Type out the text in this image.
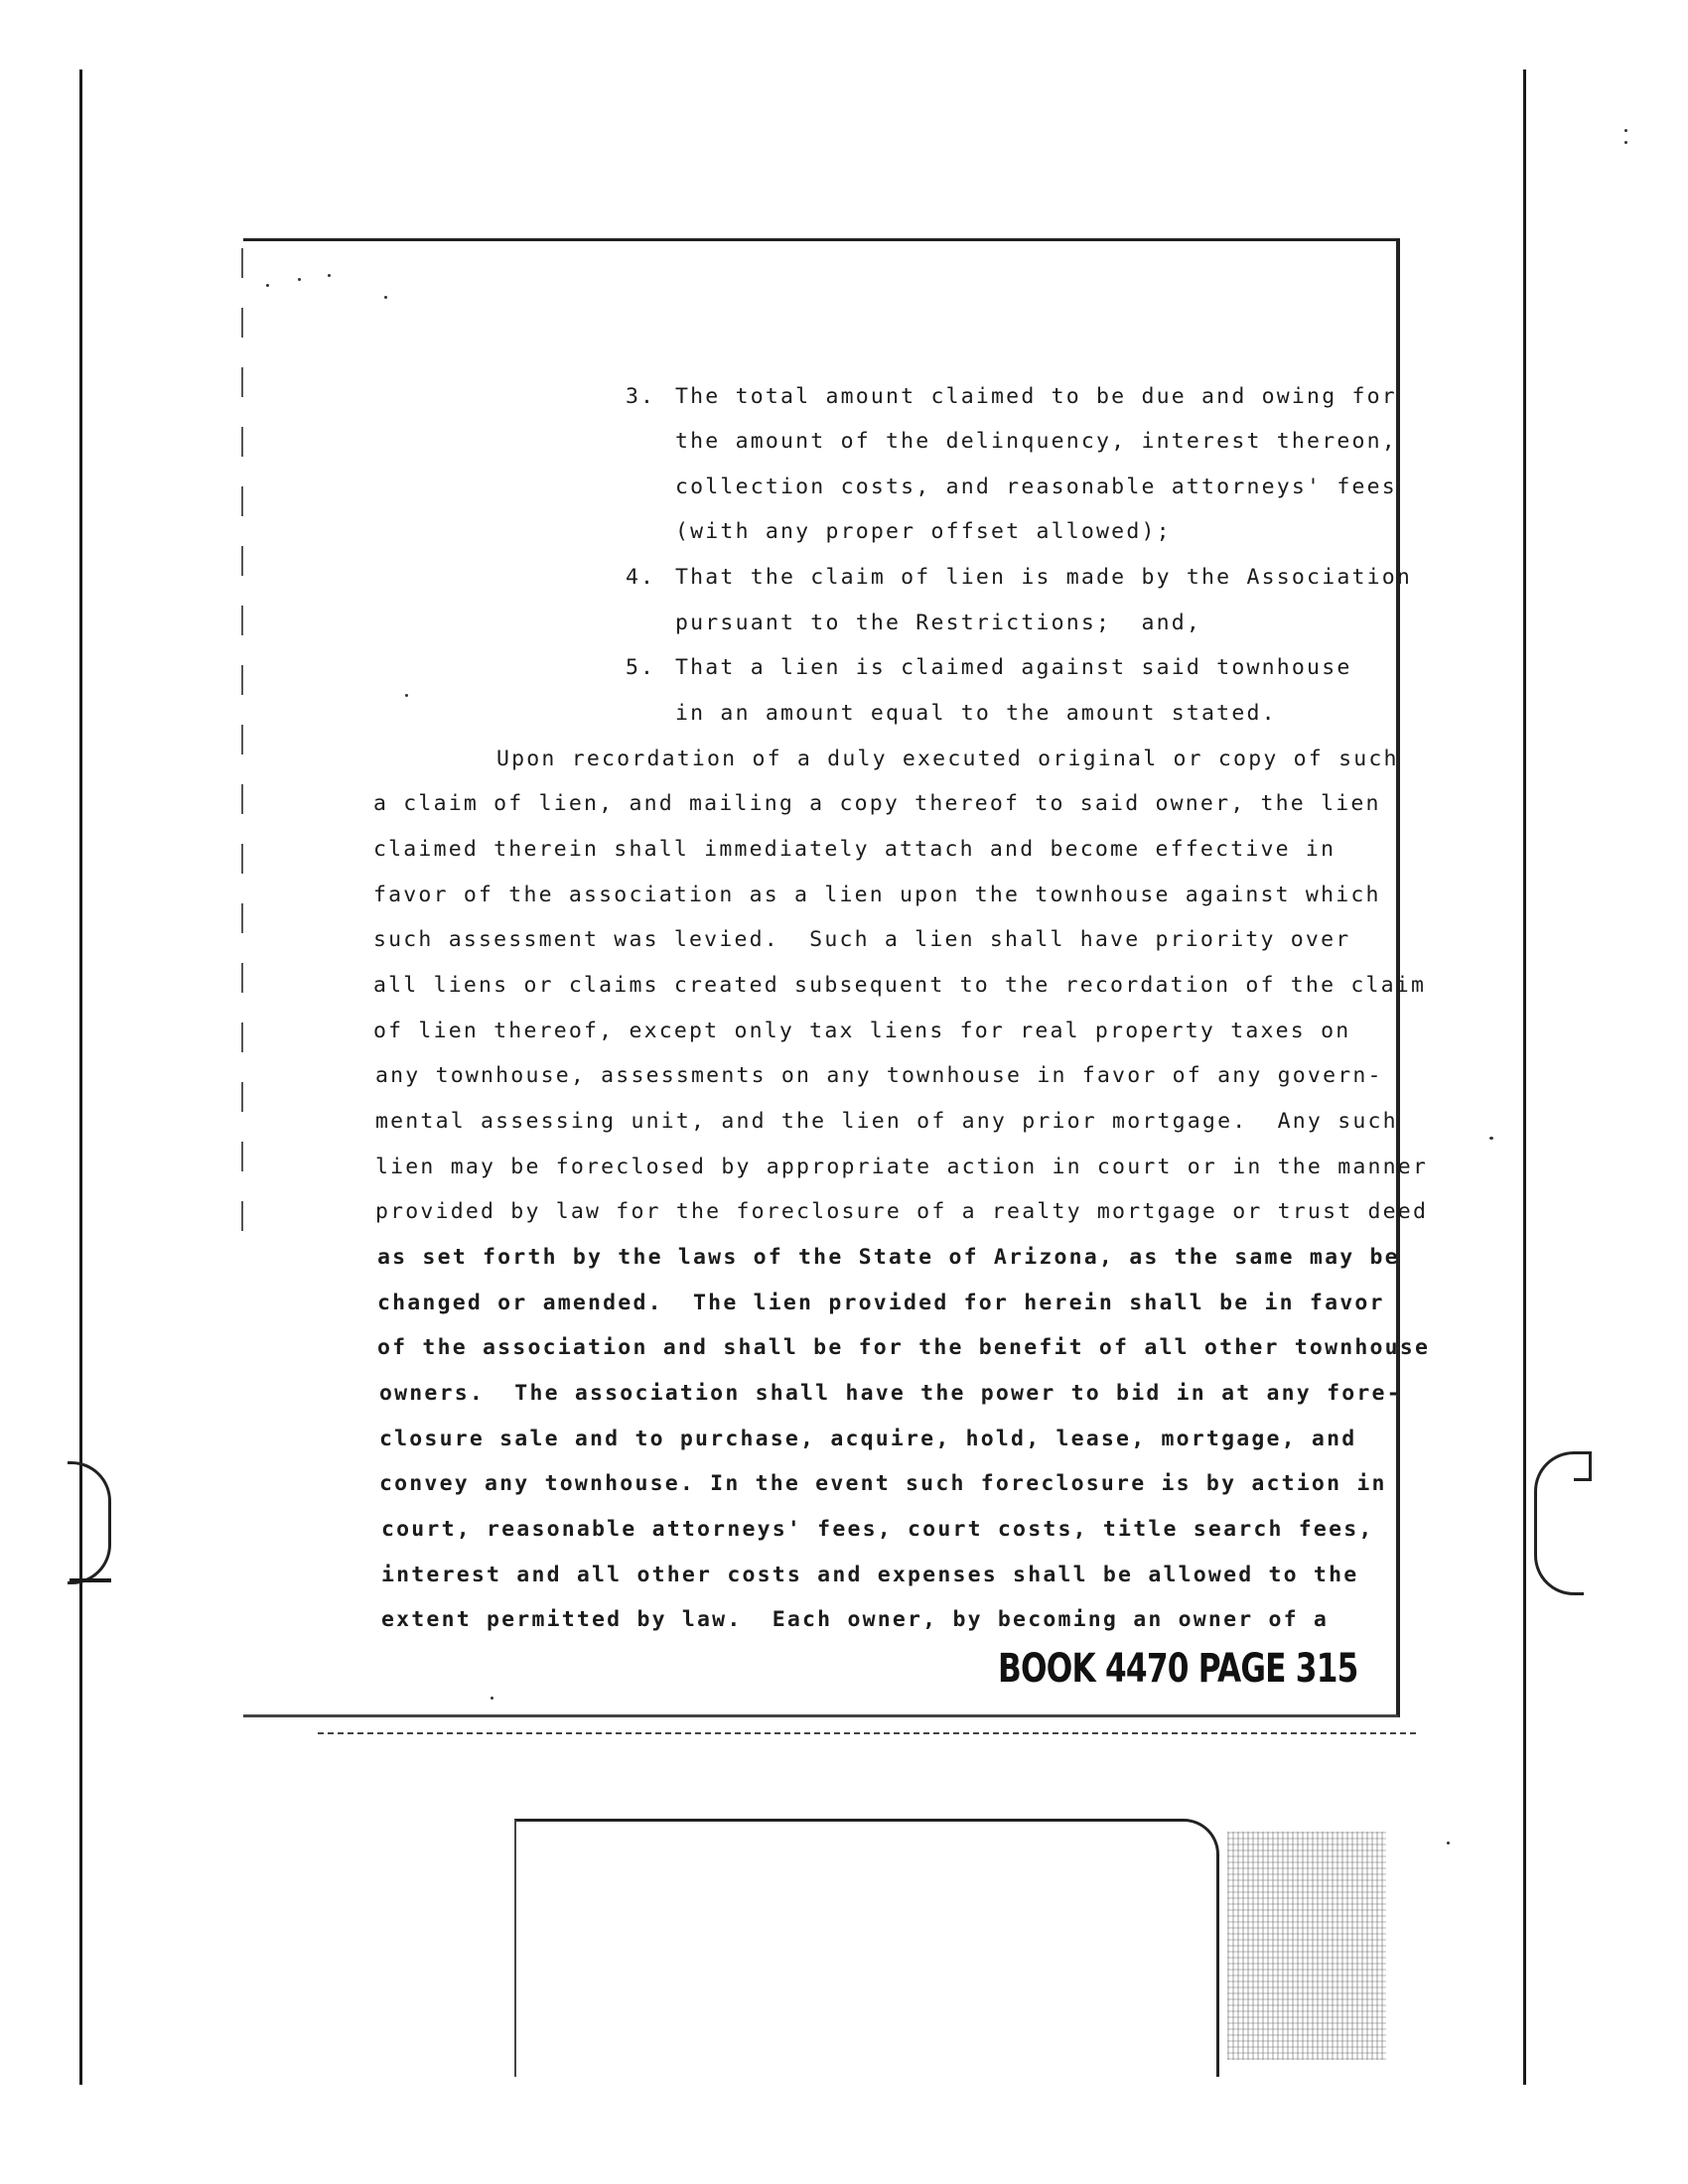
3. The total amount claimed to be due and owing for
the amount of the delinquency, interest thereon,
collection costs, and reasonable attorneys' fees
(with any proper offset allowed);
4. That the claim of lien is made by the Association
pursuant to the Restrictions;  and,
5. That a lien is claimed against said townhouse
in an amount equal to the amount stated.
Upon recordation of a duly executed original or copy of such
a claim of lien, and mailing a copy thereof to said owner, the lien
claimed therein shall immediately attach and become effective in
favor of the association as a lien upon the townhouse against which
such assessment was levied.  Such a lien shall have priority over
all liens or claims created subsequent to the recordation of the claim
of lien thereof, except only tax liens for real property taxes on
any townhouse, assessments on any townhouse in favor of any govern-
mental assessing unit, and the lien of any prior mortgage.  Any such
lien may be foreclosed by appropriate action in court or in the manner
provided by law for the foreclosure of a realty mortgage or trust deed
as set forth by the laws of the State of Arizona, as the same may be
changed or amended.  The lien provided for herein shall be in favor
of the association and shall be for the benefit of all other townhouse
owners.  The association shall have the power to bid in at any fore-
closure sale and to purchase, acquire, hold, lease, mortgage, and
convey any townhouse. In the event such foreclosure is by action in
court, reasonable attorneys' fees, court costs, title search fees,
interest and all other costs and expenses shall be allowed to the
extent permitted by law.  Each owner, by becoming an owner of a
BOOK 4470 PAGE 315
